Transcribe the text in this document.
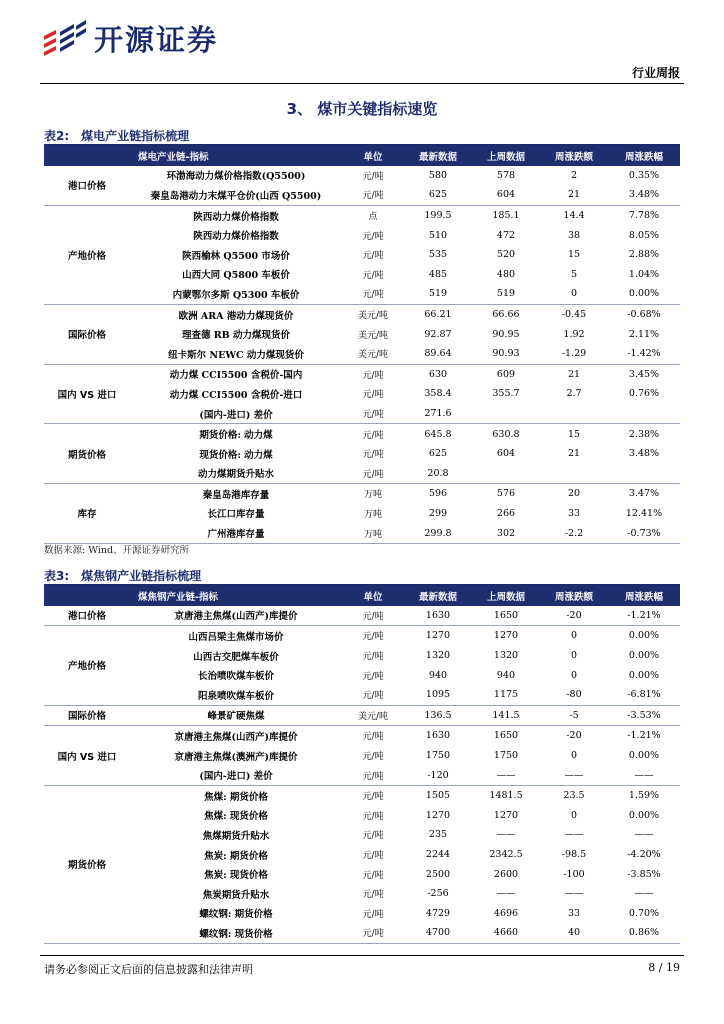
开源证券
行业周报
3、 煤市关键指标速览
表2: 煤电产业链指标梳理
	煤电产业链-指标	单位	最新数据	上周数据	周涨跌额	周涨跌幅
港口价格	环渤海动力煤价格指数(Q5500)	元/吨	580	578	2	0.35%
	秦皇岛港动力末煤平仓价(山西 Q5500)	元/吨	625	604	21	3.48%
产地价格	陕西动力煤价格指数	点	199.5	185.1	14.4	7.78%
	陕西动力煤价格指数	元/吨	510	472	38	8.05%
	陕西榆林 Q5500 市场价	元/吨	535	520	15	2.88%
	山西大同 Q5800 车板价	元/吨	485	480	5	1.04%
	内蒙鄂尔多斯 Q5300 车板价	元/吨	519	519	0	0.00%
国际价格	欧洲 ARA 港动力煤现货价	美元/吨	66.21	66.66	-0.45	-0.68%
	理查德 RB 动力煤现货价	美元/吨	92.87	90.95	1.92	2.11%
	纽卡斯尔 NEWC 动力煤现货价	美元/吨	89.64	90.93	-1.29	-1.42%
国内 VS 进口	动力煤 CCI5500 含税价-国内	元/吨	630	609	21	3.45%
	动力煤 CCI5500 含税价-进口	元/吨	358.4	355.7	2.7	0.76%
	(国内-进口) 差价	元/吨	271.6			
期货价格	期货价格: 动力煤	元/吨	645.8	630.8	15	2.38%
	现货价格: 动力煤	元/吨	625	604	21	3.48%
	动力煤期货升贴水	元/吨	20.8			
库存	秦皇岛港库存量	万吨	596	576	20	3.47%
	长江口库存量	万吨	299	266	33	12.41%
	广州港库存量	万吨	299.8	302	-2.2	-0.73%
数据来源: Wind、开源证券研究所
表3: 煤焦钢产业链指标梳理
	煤焦钢产业链-指标	单位	最新数据	上周数据	周涨跌额	周涨跌幅
港口价格	京唐港主焦煤(山西产)库提价	元/吨	1630	1650	-20	-1.21%
产地价格	山西吕梁主焦煤市场价	元/吨	1270	1270	0	0.00%
	山西古交肥煤车板价	元/吨	1320	1320	0	0.00%
	长治喷吹煤车板价	元/吨	940	940	0	0.00%
	阳泉喷吹煤车板价	元/吨	1095	1175	-80	-6.81%
国际价格	峰景矿硬焦煤	美元/吨	136.5	141.5	-5	-3.53%
国内 VS 进口	京唐港主焦煤(山西产)库提价	元/吨	1630	1650	-20	-1.21%
	京唐港主焦煤(澳洲产)库提价	元/吨	1750	1750	0	0.00%
	(国内-进口) 差价	元/吨	-120	——	——	——
期货价格	焦煤: 期货价格	元/吨	1505	1481.5	23.5	1.59%
	焦煤: 现货价格	元/吨	1270	1270	0	0.00%
	焦煤期货升贴水	元/吨	235	——	——	——
	焦炭: 期货价格	元/吨	2244	2342.5	-98.5	-4.20%
	焦炭: 现货价格	元/吨	2500	2600	-100	-3.85%
	焦炭期货升贴水	元/吨	-256	——	——	——
	螺纹钢: 期货价格	元/吨	4729	4696	33	0.70%
	螺纹钢: 现货价格	元/吨	4700	4660	40	0.86%
请务必参阅正文后面的信息披露和法律声明	8 / 19
